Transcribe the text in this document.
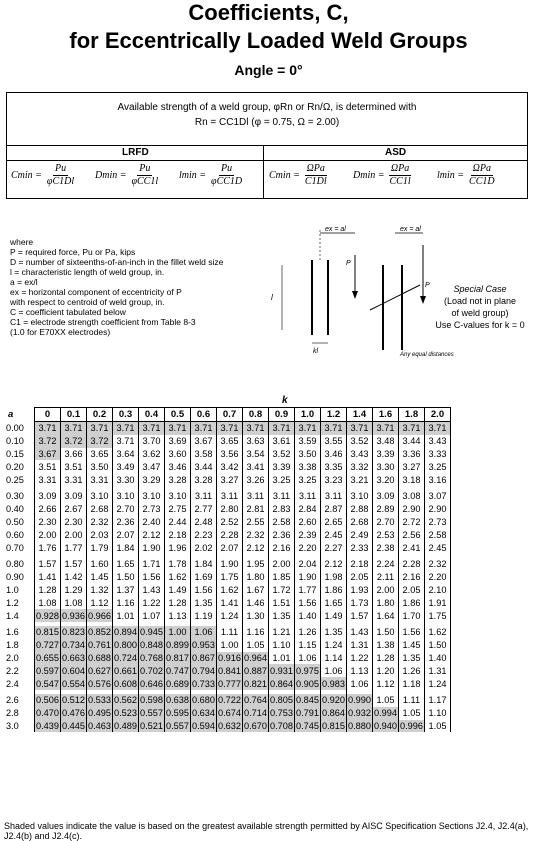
Coefficients, C,
for Eccentrically Loaded Weld Groups
Angle = 0°
Available strength of a weld group, φRn or Rn/Ω, is determined with
Rn = CC1Dl (φ = 0.75, Ω = 2.00)
LRFD	ASD
$Cmin = \frac{Pu}{\varphi C1Dl}$ $Dmin = \frac{Pu}{\text{φCC1l}}$ $lmin = \frac{Pu}{\text{φCC1D}}$ $Cmin = \frac{\text{ΩPa}}{C1Dl}$ $Dmin = \frac{\text{ΩPa}}{CC1l}$ $lmin = \frac{\text{ΩPa}}{CC1D}$
where
P = required force, Pu or Pa, kips
D = number of sixteenths-of-an-inch in the fillet weld size
l = characteristic length of weld group, in.
a = ex/l
ex = horizontal component of eccentricity of P
with respect to centroid of weld group, in.
C = coefficient tabulated below
C1 = electrode strength coefficient from Table 8-3
(1.0 for E70XX electrodes)
ex = al
P
l
kl
ex = al
P
Any equal distances
Special Case
(Load not in plane
of weld group)
Use C-values for k = 0
k
a	0	0.1	0.2	0.3	0.4	0.5	0.6	0.7	0.8	0.9	1.0	1.2	1.4	1.6	1.8	2.0
0.00	3.71	3.71	3.71	3.71	3.71	3.71	3.71	3.71	3.71	3.71	3.71	3.71	3.71	3.71	3.71	3.71
0.10	3.72	3.72	3.72	3.71	3.70	3.69	3.67	3.65	3.63	3.61	3.59	3.55	3.52	3.48	3.44	3.43
0.15	3.67	3.66	3.65	3.64	3.62	3.60	3.58	3.56	3.54	3.52	3.50	3.46	3.43	3.39	3.36	3.33
0.20	3.51	3.51	3.50	3.49	3.47	3.46	3.44	3.42	3.41	3.39	3.38	3.35	3.32	3.30	3.27	3.25
0.25	3.31	3.31	3.31	3.30	3.29	3.28	3.28	3.27	3.26	3.25	3.25	3.23	3.21	3.20	3.18	3.16

0.30	3.09	3.09	3.10	3.10	3.10	3.10	3.11	3.11	3.11	3.11	3.11	3.11	3.10	3.09	3.08	3.07
0.40	2.66	2.67	2.68	2.70	2.73	2.75	2.77	2.80	2.81	2.83	2.84	2.87	2.88	2.89	2.90	2.90
0.50	2.30	2.30	2.32	2.36	2.40	2.44	2.48	2.52	2.55	2.58	2.60	2.65	2.68	2.70	2.72	2.73
0.60	2.00	2.00	2.03	2.07	2.12	2.18	2.23	2.28	2.32	2.36	2.39	2.45	2.49	2.53	2.56	2.58
0.70	1.76	1.77	1.79	1.84	1.90	1.96	2.02	2.07	2.12	2.16	2.20	2.27	2.33	2.38	2.41	2.45

0.80	1.57	1.57	1.60	1.65	1.71	1.78	1.84	1.90	1.95	2.00	2.04	2.12	2.18	2.24	2.28	2.32
0.90	1.41	1.42	1.45	1.50	1.56	1.62	1.69	1.75	1.80	1.85	1.90	1.98	2.05	2.11	2.16	2.20
1.0	1.28	1.29	1.32	1.37	1.43	1.49	1.56	1.62	1.67	1.72	1.77	1.86	1.93	2.00	2.05	2.10
1.2	1.08	1.08	1.12	1.16	1.22	1.28	1.35	1.41	1.46	1.51	1.56	1.65	1.73	1.80	1.86	1.91
1.4	0.928	0.936	0.966	1.01	1.07	1.13	1.19	1.24	1.30	1.35	1.40	1.49	1.57	1.64	1.70	1.75

1.6	0.815	0.823	0.852	0.894	0.945	1.00	1.06	1.11	1.16	1.21	1.26	1.35	1.43	1.50	1.56	1.62
1.8	0.727	0.734	0.761	0.800	0.848	0.899	0.953	1.00	1.05	1.10	1.15	1.24	1.31	1.38	1.45	1.50
2.0	0.655	0.663	0.688	0.724	0.768	0.817	0.867	0.916	0.964	1.01	1.06	1.14	1.22	1.28	1.35	1.40
2.2	0.597	0.604	0.627	0.661	0.702	0.747	0.794	0.841	0.887	0.931	0.975	1.06	1.13	1.20	1.26	1.31
2.4	0.547	0.554	0.576	0.608	0.646	0.689	0.733	0.777	0.821	0.864	0.905	0.983	1.06	1.12	1.18	1.24

2.6	0.506	0.512	0.533	0.562	0.598	0.638	0.680	0.722	0.764	0.805	0.845	0.920	0.990	1.05	1.11	1.17
2.8	0.470	0.476	0.495	0.523	0.557	0.595	0.634	0.674	0.714	0.753	0.791	0.864	0.932	0.994	1.05	1.10
3.0	0.439	0.445	0.463	0.489	0.521	0.557	0.594	0.632	0.670	0.708	0.745	0.815	0.880	0.940	0.996	1.05
Shaded values indicate the value is based on the greatest available strength permitted by AISC Specification Sections J2.4, J2.4(a), J2.4(b) and J2.4(c).
